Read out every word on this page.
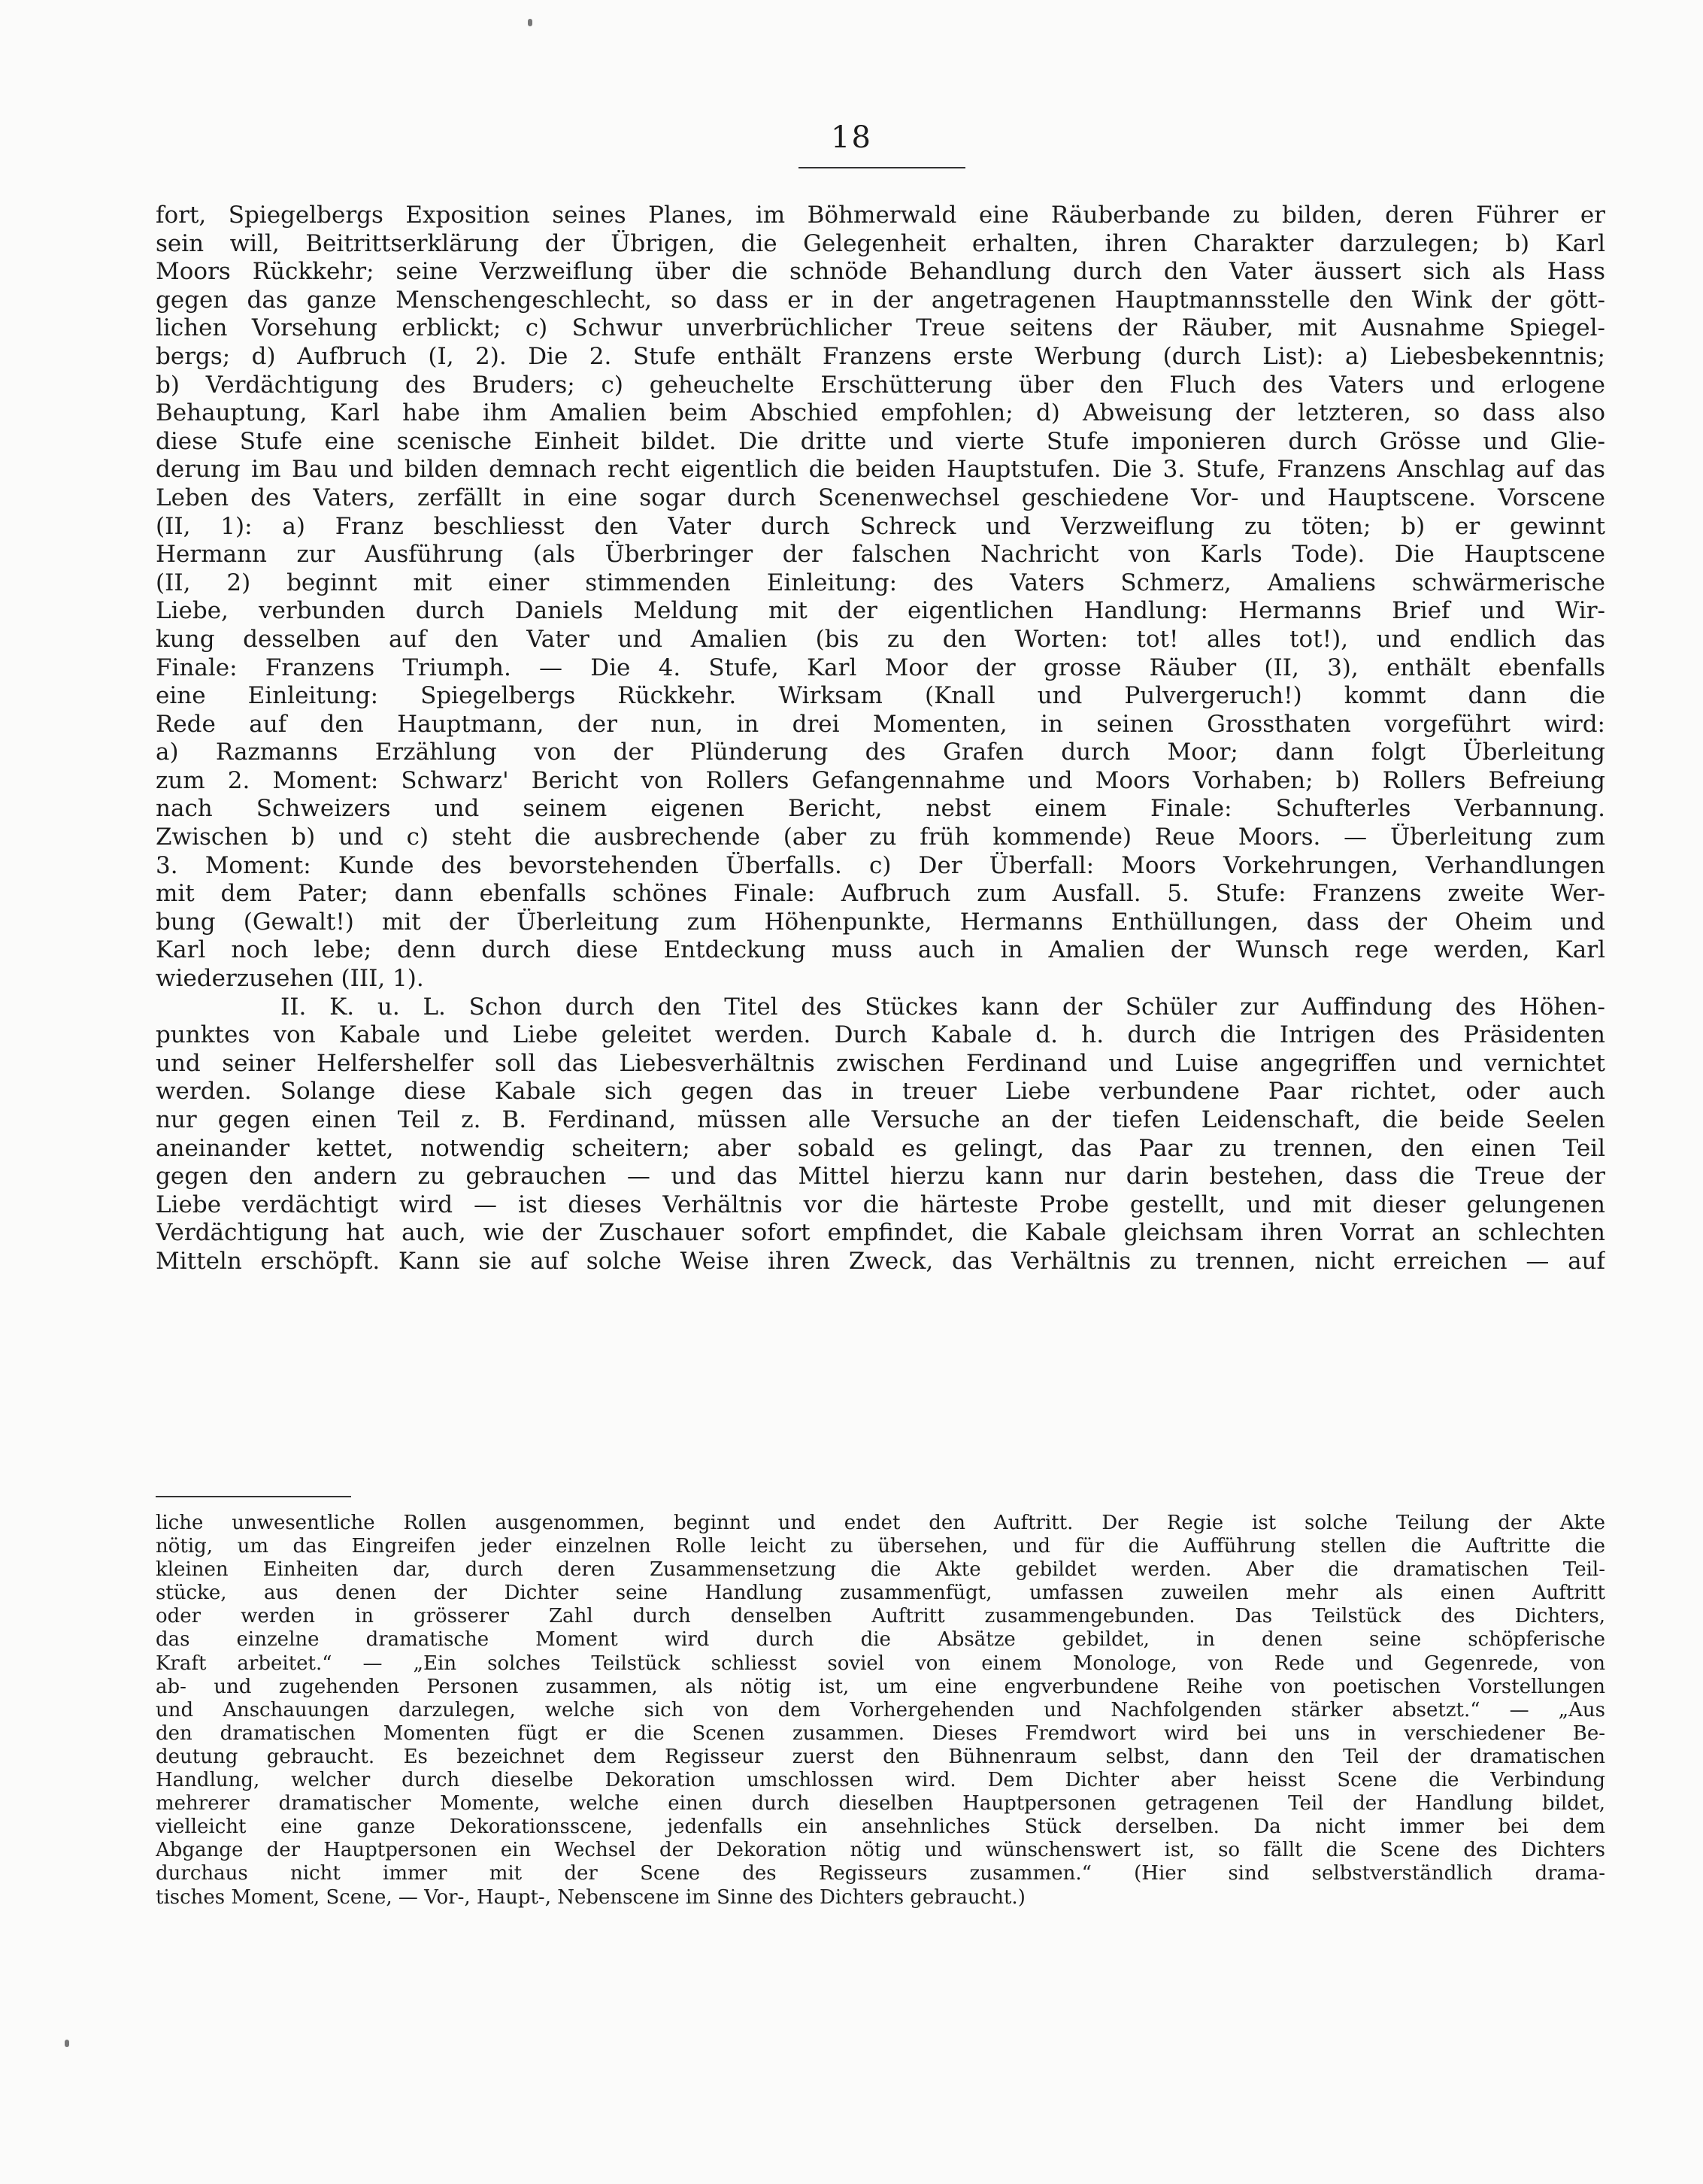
18
fort, Spiegelbergs Exposition seines Planes, im Böhmerwald eine Räuberbande zu bilden, deren Führer er
sein will, Beitrittserklärung der Übrigen, die Gelegenheit erhalten, ihren Charakter darzulegen; b) Karl
Moors Rückkehr; seine Verzweiflung über die schnöde Behandlung durch den Vater äussert sich als Hass
gegen das ganze Menschengeschlecht, so dass er in der angetragenen Hauptmannsstelle den Wink der gött-
lichen Vorsehung erblickt; c) Schwur unverbrüchlicher Treue seitens der Räuber, mit Ausnahme Spiegel-
bergs; d) Aufbruch (I, 2). Die 2. Stufe enthält Franzens erste Werbung (durch List): a) Liebesbekenntnis;
b) Verdächtigung des Bruders; c) geheuchelte Erschütterung über den Fluch des Vaters und erlogene
Behauptung, Karl habe ihm Amalien beim Abschied empfohlen; d) Abweisung der letzteren, so dass also
diese Stufe eine scenische Einheit bildet. Die dritte und vierte Stufe imponieren durch Grösse und Glie-
derung im Bau und bilden demnach recht eigentlich die beiden Hauptstufen. Die 3. Stufe, Franzens Anschlag auf das
Leben des Vaters, zerfällt in eine sogar durch Scenenwechsel geschiedene Vor- und Hauptscene. Vorscene
(II, 1): a) Franz beschliesst den Vater durch Schreck und Verzweiflung zu töten; b) er gewinnt
Hermann zur Ausführung (als Überbringer der falschen Nachricht von Karls Tode). Die Hauptscene
(II, 2) beginnt mit einer stimmenden Einleitung: des Vaters Schmerz, Amaliens schwärmerische
Liebe, verbunden durch Daniels Meldung mit der eigentlichen Handlung: Hermanns Brief und Wir-
kung desselben auf den Vater und Amalien (bis zu den Worten: tot! alles tot!), und endlich das
Finale: Franzens Triumph. — Die 4. Stufe, Karl Moor der grosse Räuber (II, 3), enthält ebenfalls
eine Einleitung: Spiegelbergs Rückkehr. Wirksam (Knall und Pulvergeruch!) kommt dann die
Rede auf den Hauptmann, der nun, in drei Momenten, in seinen Grossthaten vorgeführt wird:
a) Razmanns Erzählung von der Plünderung des Grafen durch Moor; dann folgt Überleitung
zum 2. Moment: Schwarz' Bericht von Rollers Gefangennahme und Moors Vorhaben; b) Rollers Befreiung
nach Schweizers und seinem eigenen Bericht, nebst einem Finale: Schufterles Verbannung.
Zwischen b) und c) steht die ausbrechende (aber zu früh kommende) Reue Moors. — Überleitung zum
3. Moment: Kunde des bevorstehenden Überfalls. c) Der Überfall: Moors Vorkehrungen, Verhandlungen
mit dem Pater; dann ebenfalls schönes Finale: Aufbruch zum Ausfall. 5. Stufe: Franzens zweite Wer-
bung (Gewalt!) mit der Überleitung zum Höhenpunkte, Hermanns Enthüllungen, dass der Oheim und
Karl noch lebe; denn durch diese Entdeckung muss auch in Amalien der Wunsch rege werden, Karl
wiederzusehen (III, 1).
II. K. u. L. Schon durch den Titel des Stückes kann der Schüler zur Auffindung des Höhen-
punktes von Kabale und Liebe geleitet werden. Durch Kabale d. h. durch die Intrigen des Präsidenten
und seiner Helfershelfer soll das Liebesverhältnis zwischen Ferdinand und Luise angegriffen und vernichtet
werden. Solange diese Kabale sich gegen das in treuer Liebe verbundene Paar richtet, oder auch
nur gegen einen Teil z. B. Ferdinand, müssen alle Versuche an der tiefen Leidenschaft, die beide Seelen
aneinander kettet, notwendig scheitern; aber sobald es gelingt, das Paar zu trennen, den einen Teil
gegen den andern zu gebrauchen — und das Mittel hierzu kann nur darin bestehen, dass die Treue der
Liebe verdächtigt wird — ist dieses Verhältnis vor die härteste Probe gestellt, und mit dieser gelungenen
Verdächtigung hat auch, wie der Zuschauer sofort empfindet, die Kabale gleichsam ihren Vorrat an schlechten
Mitteln erschöpft. Kann sie auf solche Weise ihren Zweck, das Verhältnis zu trennen, nicht erreichen — auf
liche unwesentliche Rollen ausgenommen, beginnt und endet den Auftritt. Der Regie ist solche Teilung der Akte
nötig, um das Eingreifen jeder einzelnen Rolle leicht zu übersehen, und für die Aufführung stellen die Auftritte die
kleinen Einheiten dar, durch deren Zusammensetzung die Akte gebildet werden. Aber die dramatischen Teil-
stücke, aus denen der Dichter seine Handlung zusammenfügt, umfassen zuweilen mehr als einen Auftritt
oder werden in grösserer Zahl durch denselben Auftritt zusammengebunden. Das Teilstück des Dichters,
das einzelne dramatische Moment wird durch die Absätze gebildet, in denen seine schöpferische
Kraft arbeitet.“ — „Ein solches Teilstück schliesst soviel von einem Monologe, von Rede und Gegenrede, von
ab- und zugehenden Personen zusammen, als nötig ist, um eine engverbundene Reihe von poetischen Vorstellungen
und Anschauungen darzulegen, welche sich von dem Vorhergehenden und Nachfolgenden stärker absetzt.“ — „Aus
den dramatischen Momenten fügt er die Scenen zusammen. Dieses Fremdwort wird bei uns in verschiedener Be-
deutung gebraucht. Es bezeichnet dem Regisseur zuerst den Bühnenraum selbst, dann den Teil der dramatischen
Handlung, welcher durch dieselbe Dekoration umschlossen wird. Dem Dichter aber heisst Scene die Verbindung
mehrerer dramatischer Momente, welche einen durch dieselben Hauptpersonen getragenen Teil der Handlung bildet,
vielleicht eine ganze Dekorationsscene, jedenfalls ein ansehnliches Stück derselben. Da nicht immer bei dem
Abgange der Hauptpersonen ein Wechsel der Dekoration nötig und wünschenswert ist, so fällt die Scene des Dichters
durchaus nicht immer mit der Scene des Regisseurs zusammen.“ (Hier sind selbstverständlich drama-
tisches Moment, Scene, — Vor-, Haupt-, Nebenscene im Sinne des Dichters gebraucht.)
